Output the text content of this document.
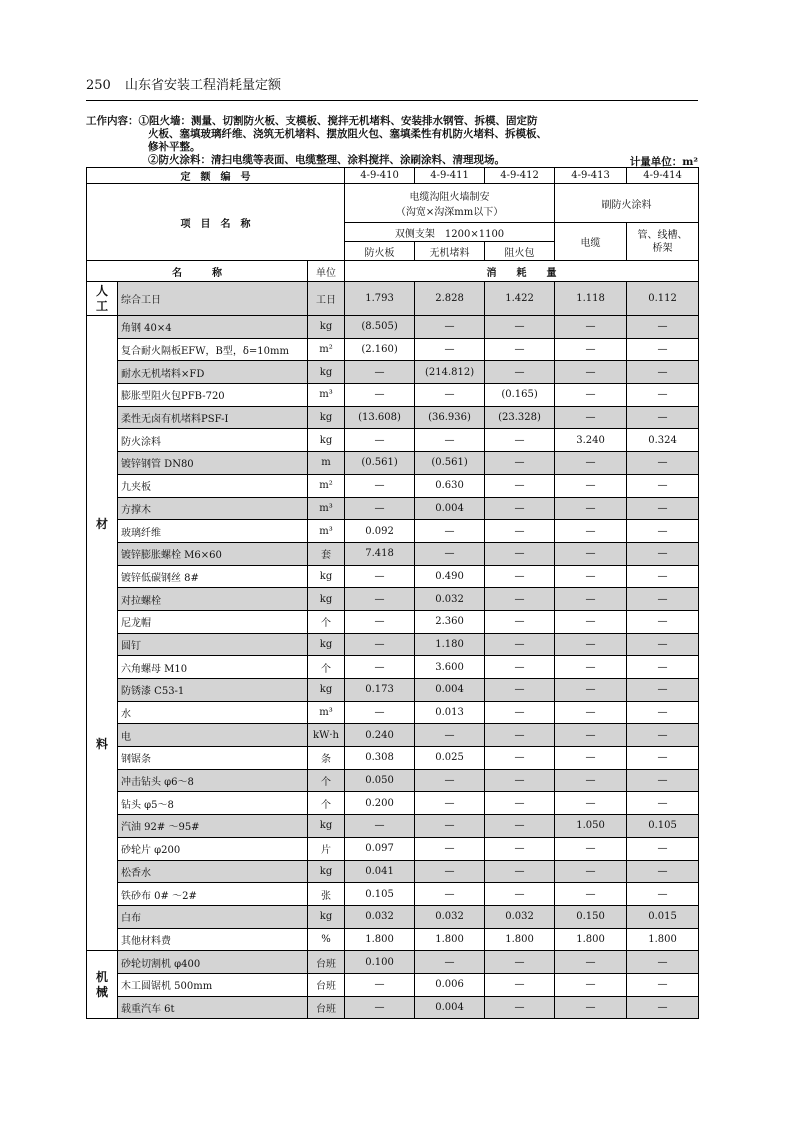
250 山东省安装工程消耗量定额
工作内容：①阻火墙：测量、切割防火板、支模板、搅拌无机堵料、安装排水钢管、拆模、固定防
火板、塞填玻璃纤维、浇筑无机堵料、摆放阻火包、塞填柔性有机防火堵料、拆模板、
修补平整。
②防火涂料：清扫电缆等表面、电缆整理、涂料搅拌、涂刷涂料、清理现场。	计量单位：m²
定　额　编　号			4-9-410	4-9-411	4-9-412	4-9-413	4-9-414
项　目　名　称			电缆沟阻火墙制安
（沟宽×沟深mm以下）			刷防火涂料	
			双侧支架　1200×1100			电缆	管、线槽、桥架
			防火板	无机堵料	阻火包		
名　　　称		单位	消　　耗　　量				
人工	综合工日	工日	1.793	2.828	1.422	1.118	0.112

材
料	角钢 40×4	kg	(8.505)	—	—	—	—
	复合耐火隔板EFW，B型，δ=10mm	m²	(2.160)	—	—	—	—
	耐水无机堵料×FD	kg	—	(214.812)	—	—	—
	膨胀型阻火包PFB-720	m³	—	—	(0.165)	—	—
	柔性无卤有机堵料PSF-Ⅰ	kg	(13.608)	(36.936)	(23.328)	—	—
	防火涂料	kg	—	—	—	3.240	0.324
	镀锌钢管 DN80	m	(0.561)	(0.561)	—	—	—
	九夹板	m²	—	0.630	—	—	—
	方撑木	m³	—	0.004	—	—	—
	玻璃纤维	m³	0.092	—	—	—	—
	镀锌膨胀螺栓 M6×60	套	7.418	—	—	—	—
	镀锌低碳钢丝 8#	kg	—	0.490	—	—	—
	对拉螺栓	kg	—	0.032	—	—	—
	尼龙帽	个	—	2.360	—	—	—
	圆钉	kg	—	1.180	—	—	—
	六角螺母 M10	个	—	3.600	—	—	—
	防锈漆 C53-1	kg	0.173	0.004	—	—	—
	水	m³	—	0.013	—	—	—
	电	kW·h	0.240	—	—	—	—
	钢锯条	条	0.308	0.025	—	—	—
	冲击钻头 φ6～8	个	0.050	—	—	—	—
	钻头 φ5～8	个	0.200	—	—	—	—
	汽油 92# ～95#	kg	—	—	—	1.050	0.105
	砂轮片 φ200	片	0.097	—	—	—	—
	松香水	kg	0.041	—	—	—	—
	铁砂布 0# ～2#	张	0.105	—	—	—	—
	白布	kg	0.032	0.032	0.032	0.150	0.015
	其他材料费	%	1.800	1.800	1.800	1.800	1.800
机械	砂轮切割机 φ400	台班	0.100	—	—	—	—
	木工圆锯机 500mm	台班	—	0.006	—	—	—
	载重汽车 6t	台班	—	0.004	—	—	—
